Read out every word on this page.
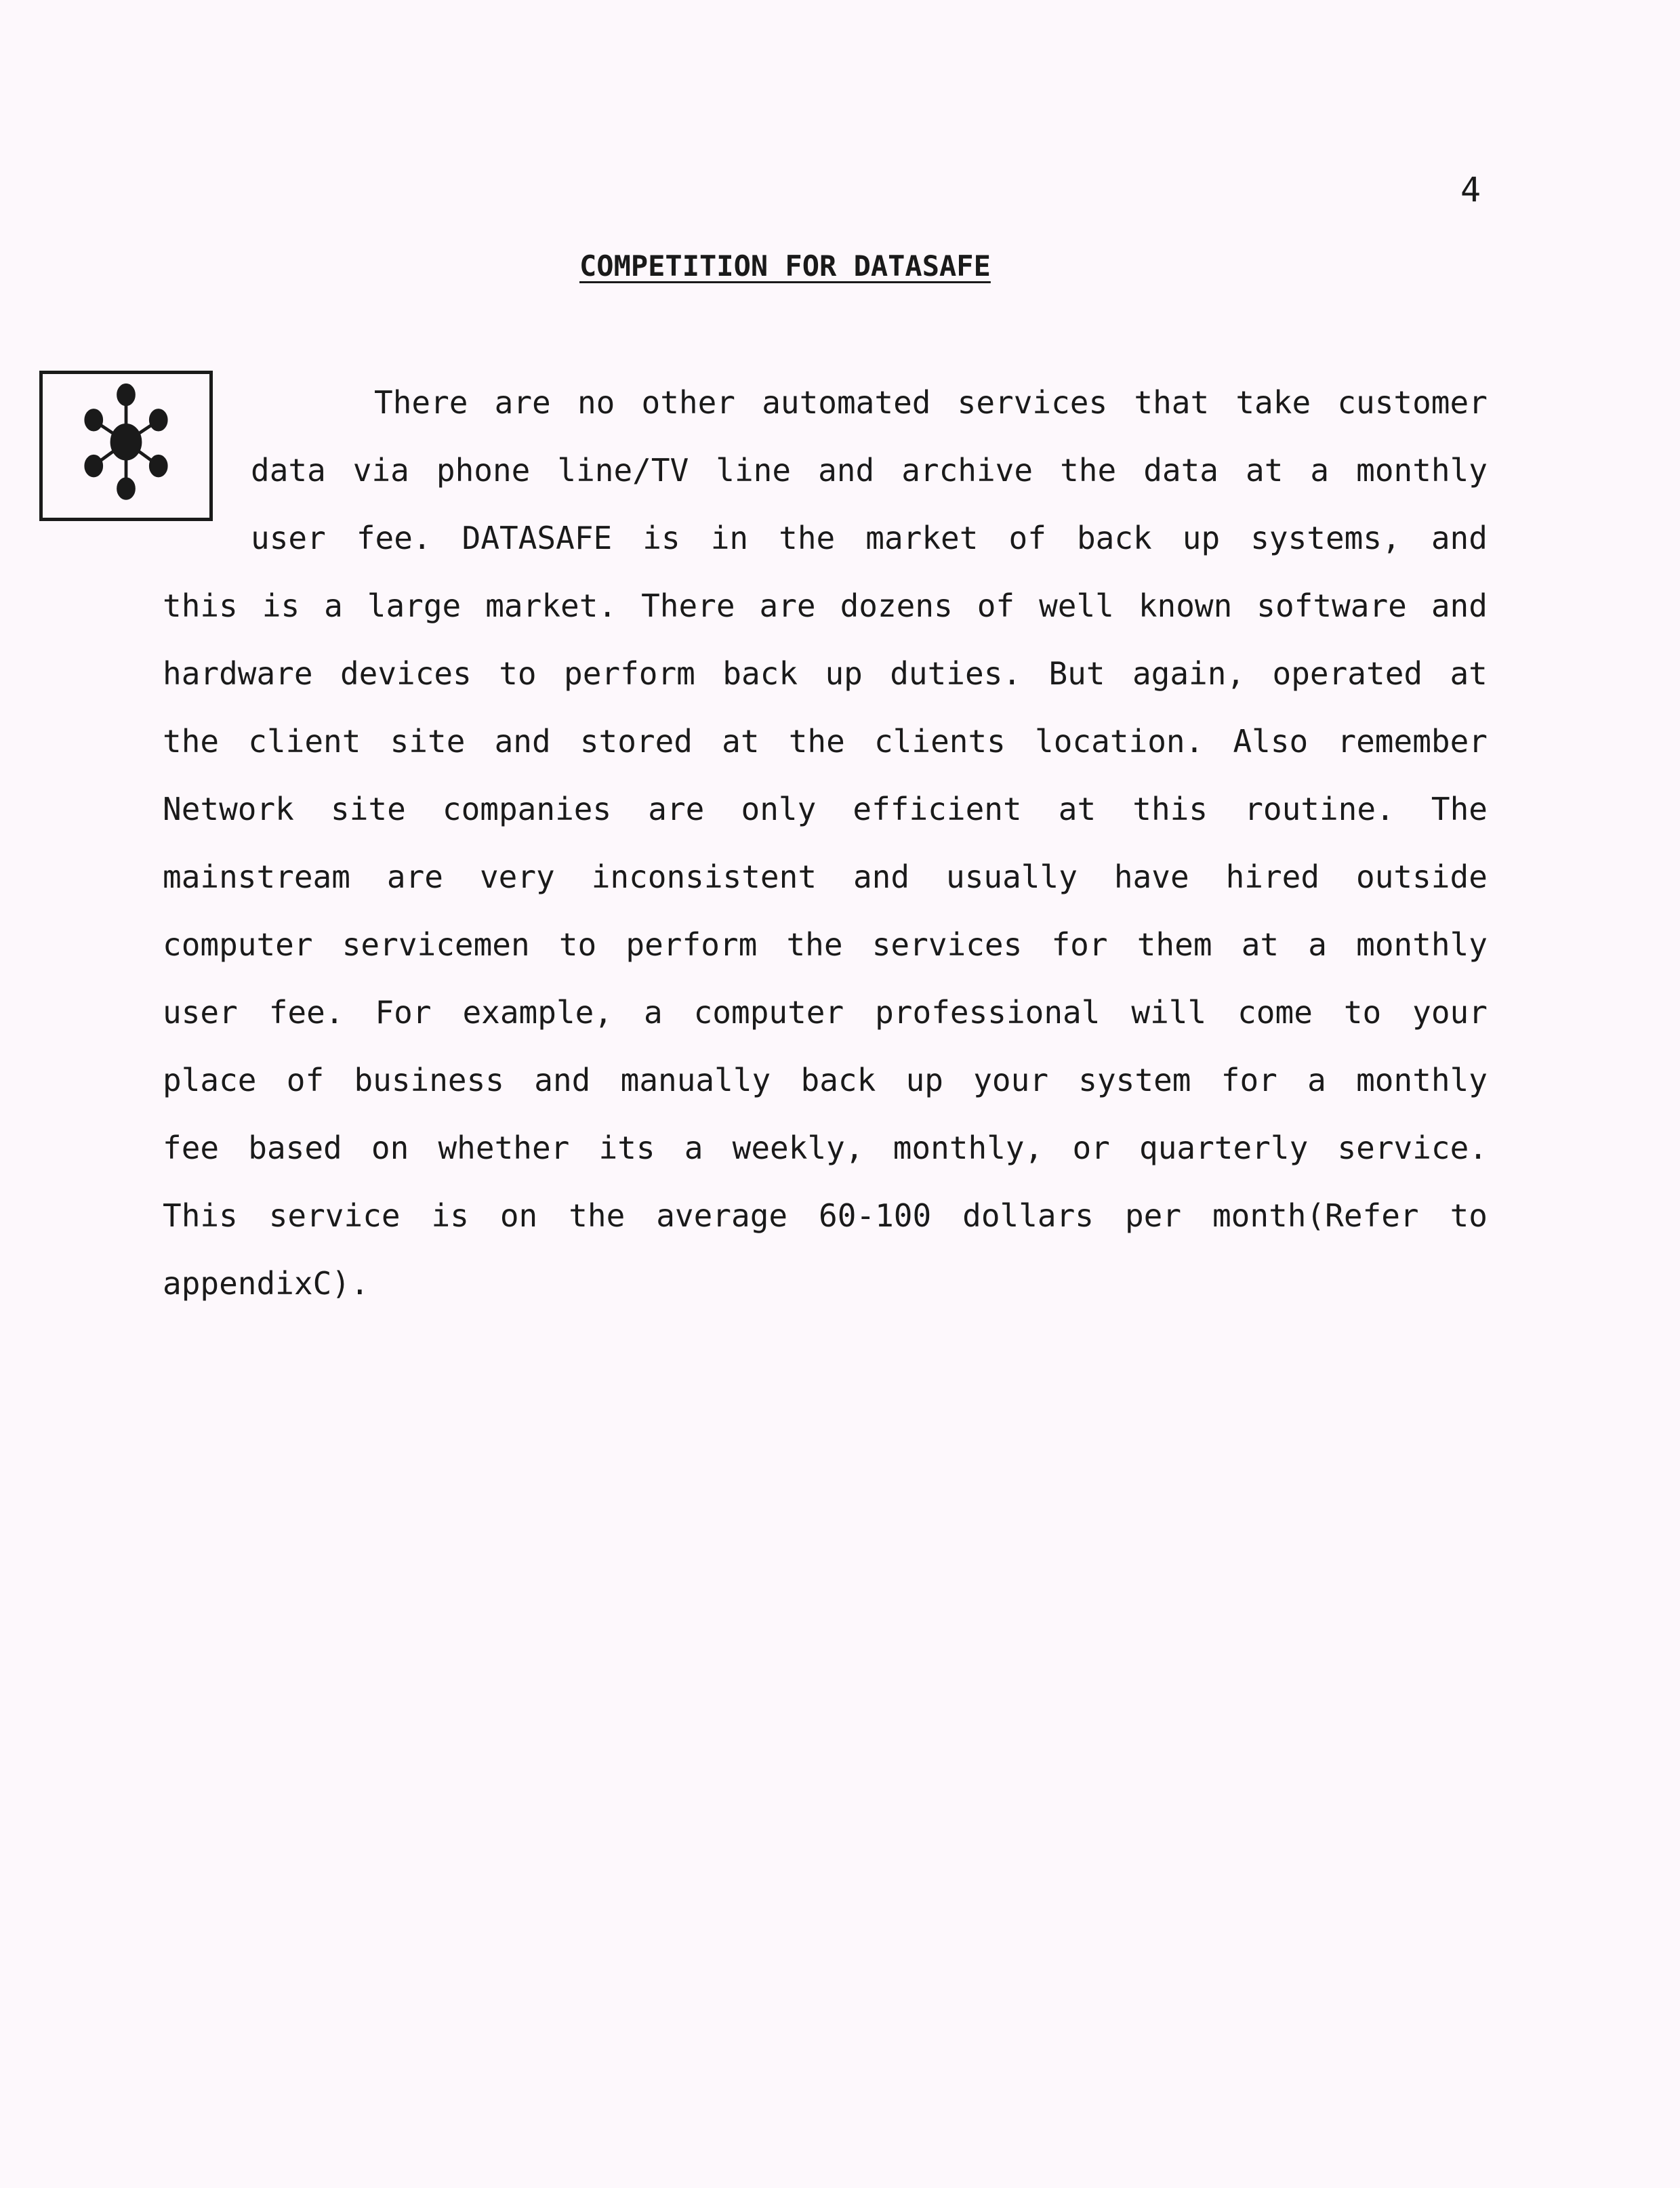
4
COMPETITION FOR DATASAFE
There are no other automated services that take customer
data via phone line/TV line and archive the data at a monthly
user fee. DATASAFE is in the market of back up systems, and
this is a large market. There are dozens of well known software and
hardware devices to perform back up duties. But again, operated at
the client site and stored at the clients location. Also remember
Network site companies are only efficient at this routine. The
mainstream are very inconsistent and usually have hired outside
computer servicemen to perform the services for them at a monthly
user fee. For example, a computer professional will come to your
place of business and manually back up your system for a monthly
fee based on whether its a weekly, monthly, or quarterly service.
This service is on the average 60-100 dollars per month(Refer to
appendix C).
